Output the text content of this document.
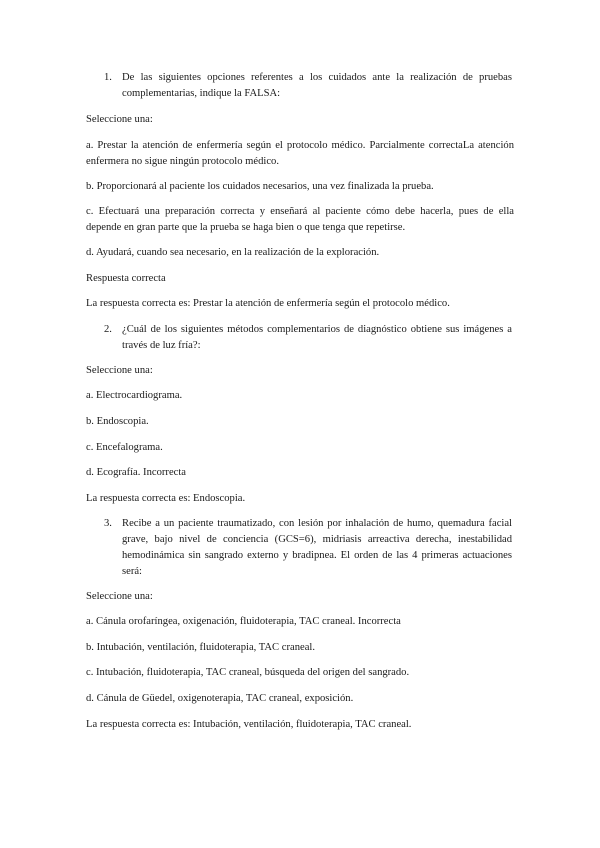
1. De las siguientes opciones referentes a los cuidados ante la realización de pruebas complementarias, indique la FALSA:
Seleccione una:
a. Prestar la atención de enfermería según el protocolo médico. Parcialmente correctaLa atención enfermera no sigue ningún protocolo médico.
b. Proporcionará al paciente los cuidados necesarios, una vez finalizada la prueba.
c. Efectuará una preparación correcta y enseñará al paciente cómo debe hacerla, pues de ella depende en gran parte que la prueba se haga bien o que tenga que repetirse.
d. Ayudará, cuando sea necesario, en la realización de la exploración.
Respuesta correcta
La respuesta correcta es: Prestar la atención de enfermería según el protocolo médico.
2. ¿Cuál de los siguientes métodos complementarios de diagnóstico obtiene sus imágenes a través de luz fría?:
Seleccione una:
a. Electrocardiograma.
b. Endoscopia.
c. Encefalograma.
d. Ecografía. Incorrecta
La respuesta correcta es: Endoscopia.
3. Recibe a un paciente traumatizado, con lesión por inhalación de humo, quemadura facial grave, bajo nivel de conciencia (GCS=6), midriasis arreactiva derecha, inestabilidad hemodinámica sin sangrado externo y bradipnea. El orden de las 4 primeras actuaciones será:
Seleccione una:
a. Cánula orofaríngea, oxigenación, fluidoterapia, TAC craneal. Incorrecta
b. Intubación, ventilación, fluidoterapia, TAC craneal.
c. Intubación, fluidoterapia, TAC craneal, búsqueda del origen del sangrado.
d. Cánula de Güedel, oxigenoterapia, TAC craneal, exposición.
La respuesta correcta es: Intubación, ventilación, fluidoterapia, TAC craneal.
